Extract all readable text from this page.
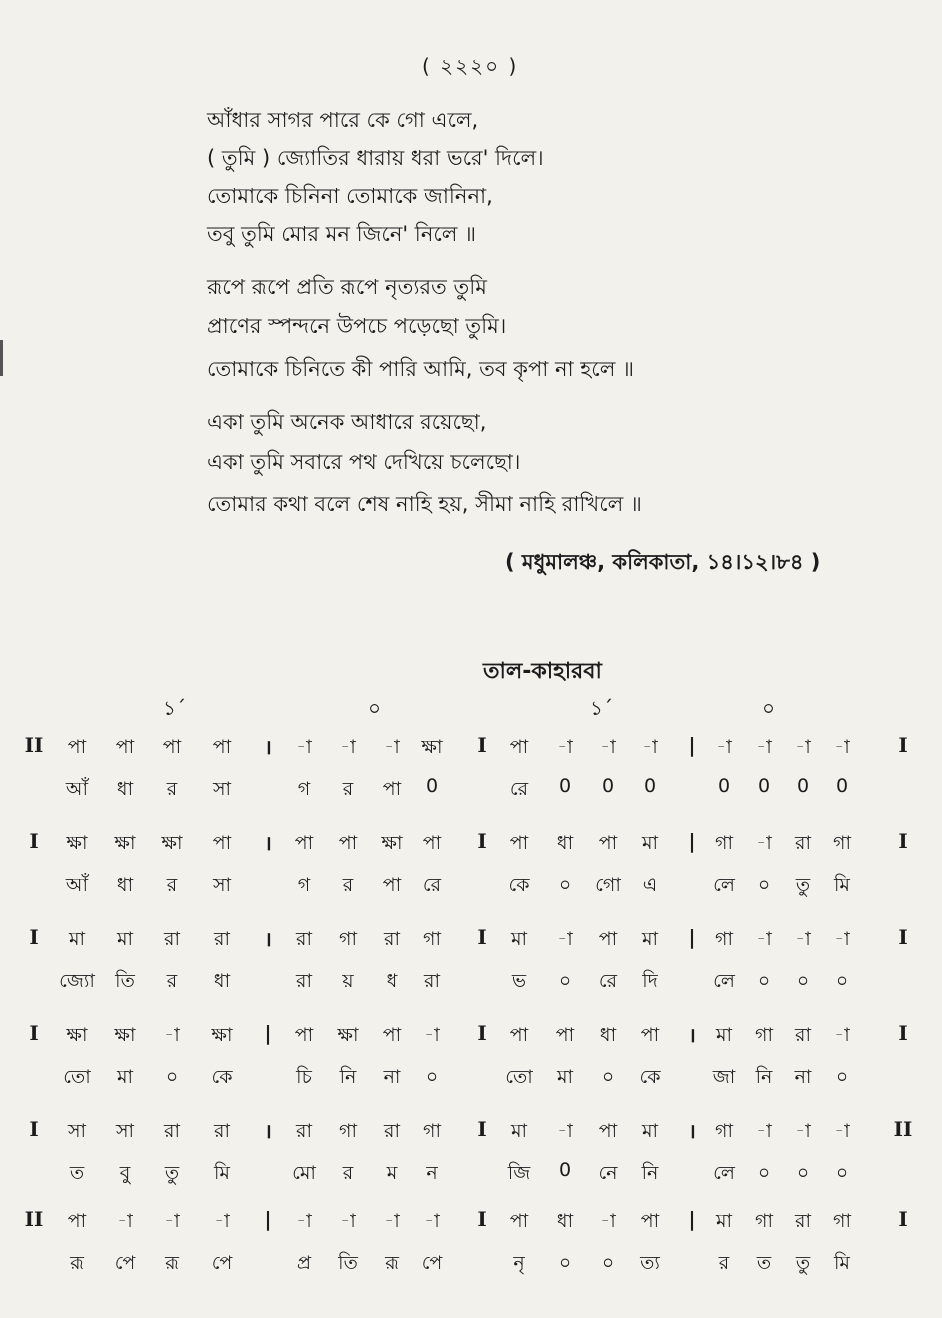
( ২২২০ )
আঁধার সাগর পারে কে গো এলে,
( তুমি ) জ্যোতির ধারায় ধরা ভরে' দিলে।
তোমাকে চিনিনা তোমাকে জানিনা,
তবু তুমি মোর মন জিনে' নিলে ॥
রূপে রূপে প্রতি রূপে নৃত্যরত তুমি
প্রাণের স্পন্দনে উপচে পড়েছো তুমি।
তোমাকে চিনিতে কী পারি আমি, তব কৃপা না হলে ॥
একা তুমি অনেক আধারে রয়েছো,
একা তুমি সবারে পথ দেখিয়ে চলেছো।
তোমার কথা বলে শেষ নাহি হয়, সীমা নাহি রাখিলে ॥
( মধুমালঞ্চ, কলিকাতা, ১৪।১২।৮৪ )
তাল-কাহারবা
১´	০	১´	০
II পা পা পা পা । -া -া -া ক্ষা I পা -া -া -া | -া -া -া -া I
আঁ ধা র সা	গ র পা 0	রে 0 0 0	0 0 0 0
I ক্ষা ক্ষা ক্ষা পা । পা পা ক্ষা পা I পা ধা পা মা | গা -া রা গা I
আঁ ধা র সা	গ র পা রে	কে ০ গো এ	লে ০ তু মি
I মা মা রা রা । রা গা রা গা I মা -া পা মা | গা -া -া -া I
জ্যো তি র ধা	রা য় ধ রা	ভ ০ রে দি	লে ০ ০ ০
I ক্ষা ক্ষা -া ক্ষা | পা ক্ষা পা -া I পা পা ধা পা । মা গা রা -া I
তো মা ০ কে	চি নি না ০	তো মা ০ কে	জা নি না ০
I সা সা রা রা । রা গা রা গা I মা -া পা মা । গা -া -া -া II
ত বু তু মি	মো র ম ন	জি 0 নে নি	লে ০ ০ ০
II পা -া -া -া | -া -া -া -া I পা ধা -া পা | মা গা রা গা I
রূ পে রূ পে	প্র তি রূ পে	নৃ ০ ০ ত্য	র ত তু মি
